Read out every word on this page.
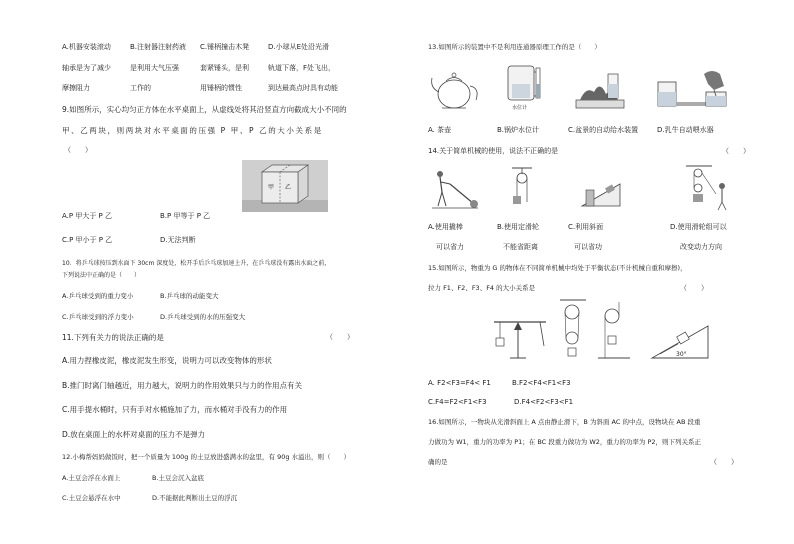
A.机器安装滚动	B.注射器注射药液 C.锤柄撞击木凳	D.小球从E处沿光滑
轴承是为了减少	是利用大气压强	套紧锤头，是利	轨道下落，F处飞出，
摩擦阻力	工作的	用锤柄的惯性	到达最高点时具有动能
9.如图所示，实心均匀正方体在水平桌面上，从虚线处将其沿竖直方向截成大小不同的
甲、乙两块，则两块对水平桌面的压强 P 甲、P 乙的大小关系是
（　　）
甲 乙
A.P 甲大于 P 乙	B.P 甲等于 P 乙
C.P 甲小于 P 乙	D.无法判断
10．将乒乓球按压到水面下 30cm 深度处，松开手后乒乓球加速上升，在乒乓球没有露出水面之前，
下列说法中正确的是（　　）
A.乒乓球受到的重力变小	B.乒乓球的动能变大
C.乒乓球受到的浮力变小	D.乒乓球受到的水的压强变大
11.下列有关力的说法正确的是	（　　）
A.用力捏橡皮泥，橡皮泥发生形变，说明力可以改变物体的形状
B.推门时离门轴越近，用力越大，说明力的作用效果只与力的作用点有关
C.用手提水桶时，只有手对水桶施加了力，而水桶对手没有力的作用
D.放在桌面上的水杯对桌面的压力不是弹力
12.小梅帮妈妈做饭时，把一个质量为 100g 的土豆放进盛满水的盆里，有 90g 水溢出，则（　　）
A.土豆会浮在水面上	B.土豆会沉入盆底
C.土豆会悬浮在水中	D.不能据此判断出土豆的浮沉
13.如图所示的装置中不是利用连通器原理工作的是（　　）
水位计
A. 茶壶	B.锅炉水位计	C.盆景的自动给水装置	D.乳牛自动喂水器
14.关于简单机械的使用，说法不正确的是	（　　）
A.使用撬棒
可以省力
B.使用定滑轮
不能省距离
C.利用斜面
可以省功
D.使用滑轮组可以
改变动力方向
15.如图所示，物重为 G 的物体在不同简单机械中均处于平衡状态(不计机械自重和摩擦)，
拉力 F1、F2、F3、F4 的大小关系是	（　　）
30°
A. F2<F3=F4< F1	B.F2<F4<F1<F3
C.F4=F2<F1<F3	D.F4<F2<F3<F1
16.如图所示，一物块从光滑斜面上 A 点由静止滑下，B 为斜面 AC 的中点，设物块在 AB 段重
力做功为 W1，重力的功率为 P1；在 BC 段重力做功为 W2，重力的功率为 P2，则下列关系正
确的是	（　　）
